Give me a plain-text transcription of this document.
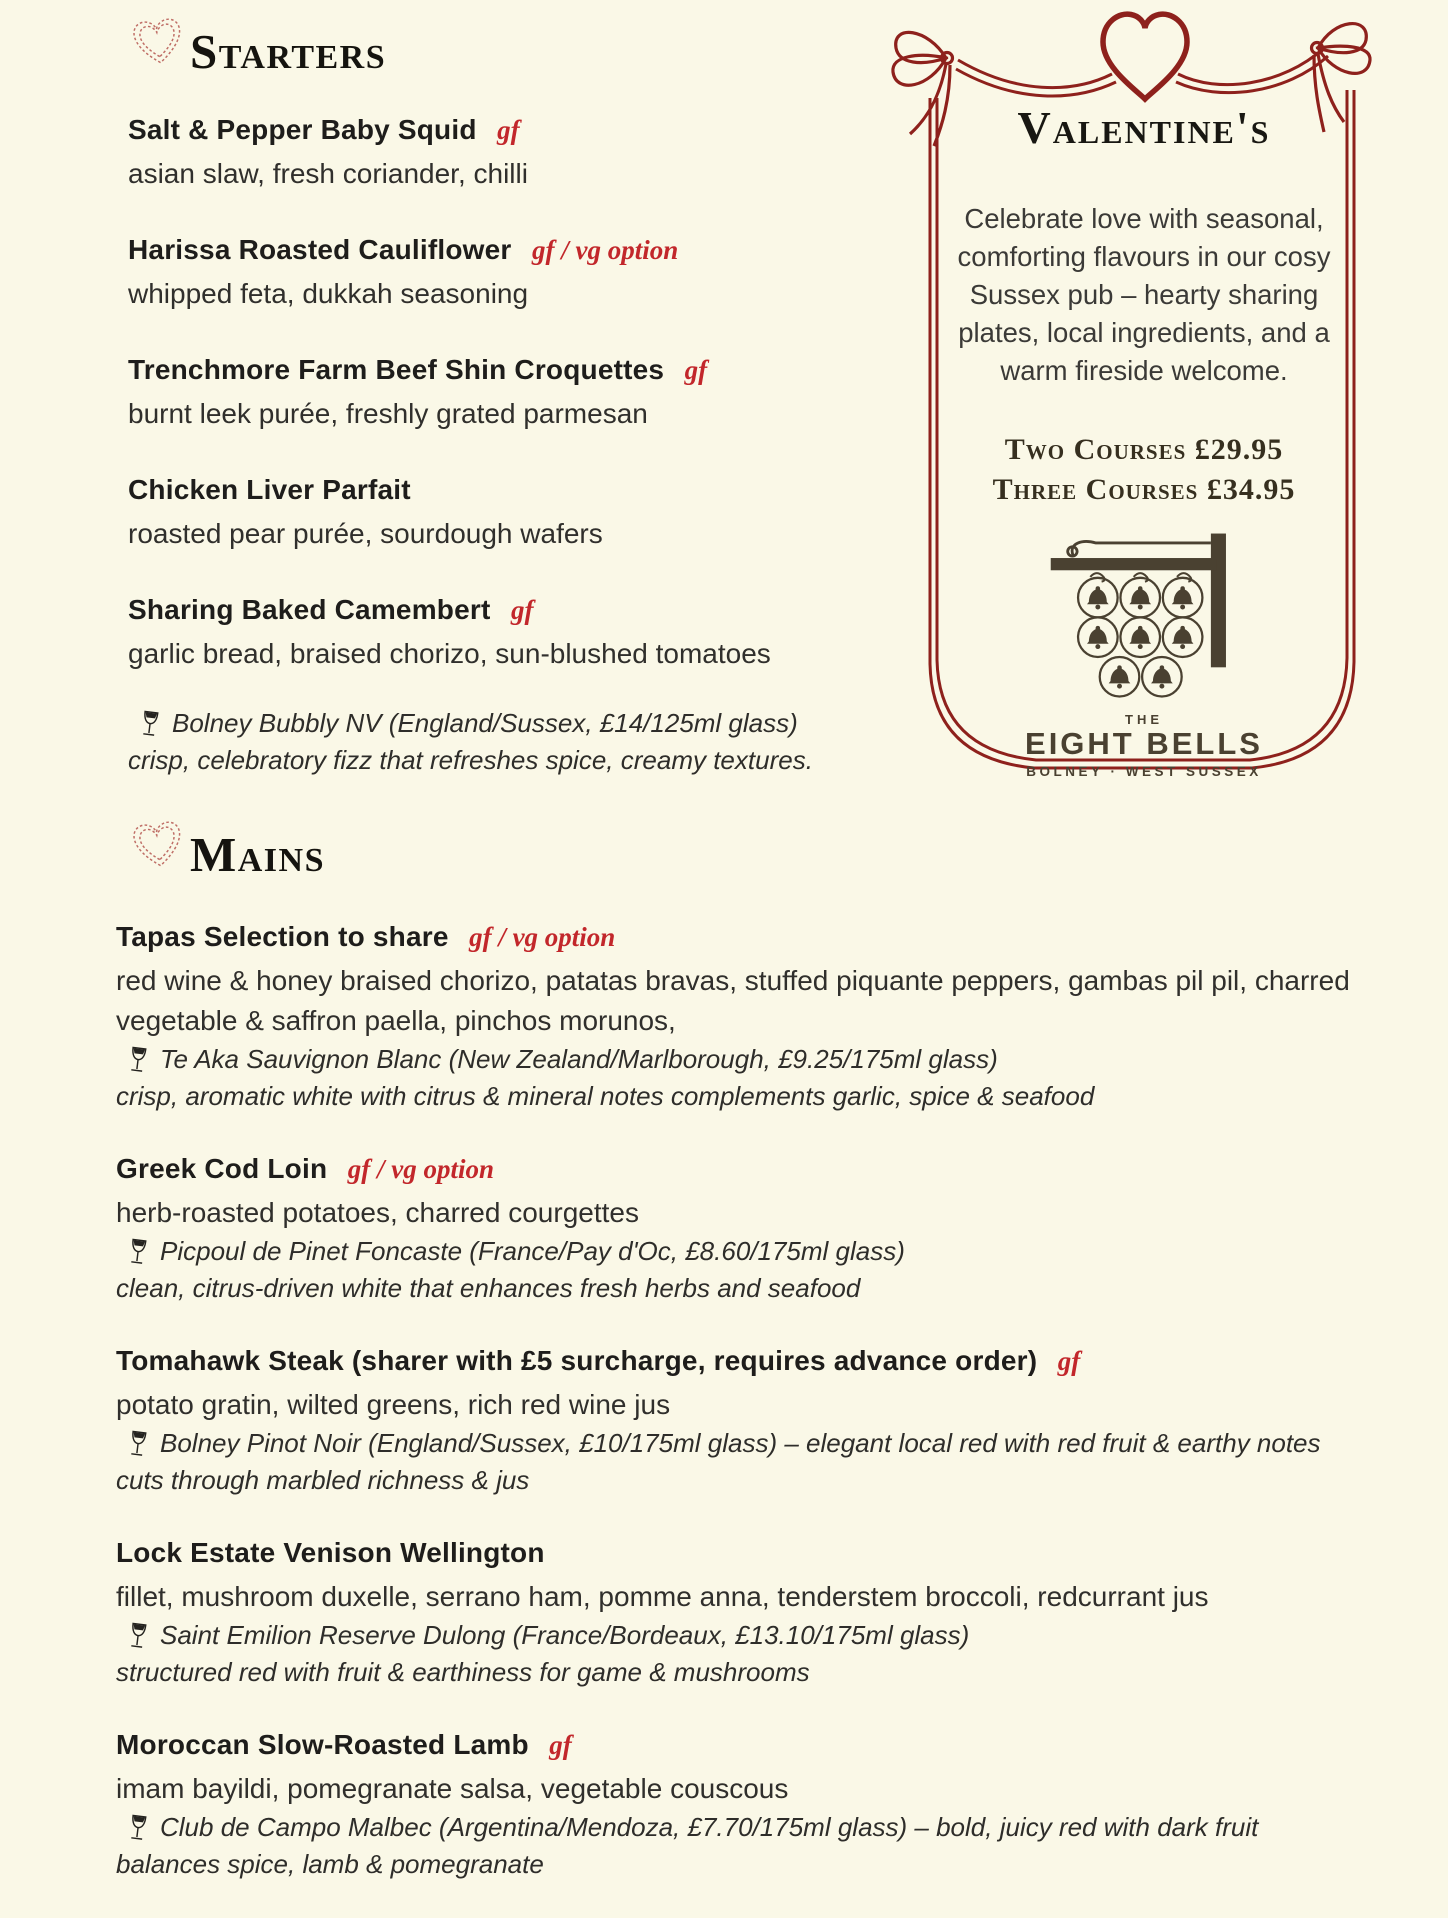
Starters
Salt & Pepper Baby Squid gf
asian slaw, fresh coriander, chilli
Harissa Roasted Cauliflower gf / vg option
whipped feta, dukkah seasoning
Trenchmore Farm Beef Shin Croquettes gf
burnt leek purée, freshly grated parmesan
Chicken Liver Parfait
roasted pear purée, sourdough wafers
Sharing Baked Camembert gf
garlic bread, braised chorizo, sun-blushed tomatoes
Bolney Bubbly NV (England/Sussex, £14/125ml glass)
crisp, celebratory fizz that refreshes spice, creamy textures.
Mains
Tapas Selection to share gf / vg option
red wine & honey braised chorizo, patatas bravas, stuffed piquante peppers, gambas pil pil, charred vegetable & saffron paella, pinchos morunos,
Te Aka Sauvignon Blanc (New Zealand/Marlborough, £9.25/175ml glass)
crisp, aromatic white with citrus & mineral notes complements garlic, spice & seafood
Greek Cod Loin gf / vg option
herb-roasted potatoes, charred courgettes
Picpoul de Pinet Foncaste (France/Pay d'Oc, £8.60/175ml glass)
clean, citrus-driven white that enhances fresh herbs and seafood
Tomahawk Steak (sharer with £5 surcharge, requires advance order) gf
potato gratin, wilted greens, rich red wine jus
Bolney Pinot Noir (England/Sussex, £10/175ml glass) – elegant local red with red fruit & earthy notes
cuts through marbled richness & jus
Lock Estate Venison Wellington
fillet, mushroom duxelle, serrano ham, pomme anna, tenderstem broccoli, redcurrant jus
Saint Emilion Reserve Dulong (France/Bordeaux, £13.10/175ml glass)
structured red with fruit & earthiness for game & mushrooms
Moroccan Slow-Roasted Lamb gf
imam bayildi, pomegranate salsa, vegetable couscous
Club de Campo Malbec (Argentina/Mendoza, £7.70/175ml glass) – bold, juicy red with dark fruit
balances spice, lamb & pomegranate
Valentine's

Celebrate love with seasonal, comforting flavours in our cosy Sussex pub – hearty sharing plates, local ingredients, and a warm fireside welcome.

Two Courses £29.95
Three Courses £34.95
THE
EIGHT BELLS
BOLNEY · WEST SUSSEX
